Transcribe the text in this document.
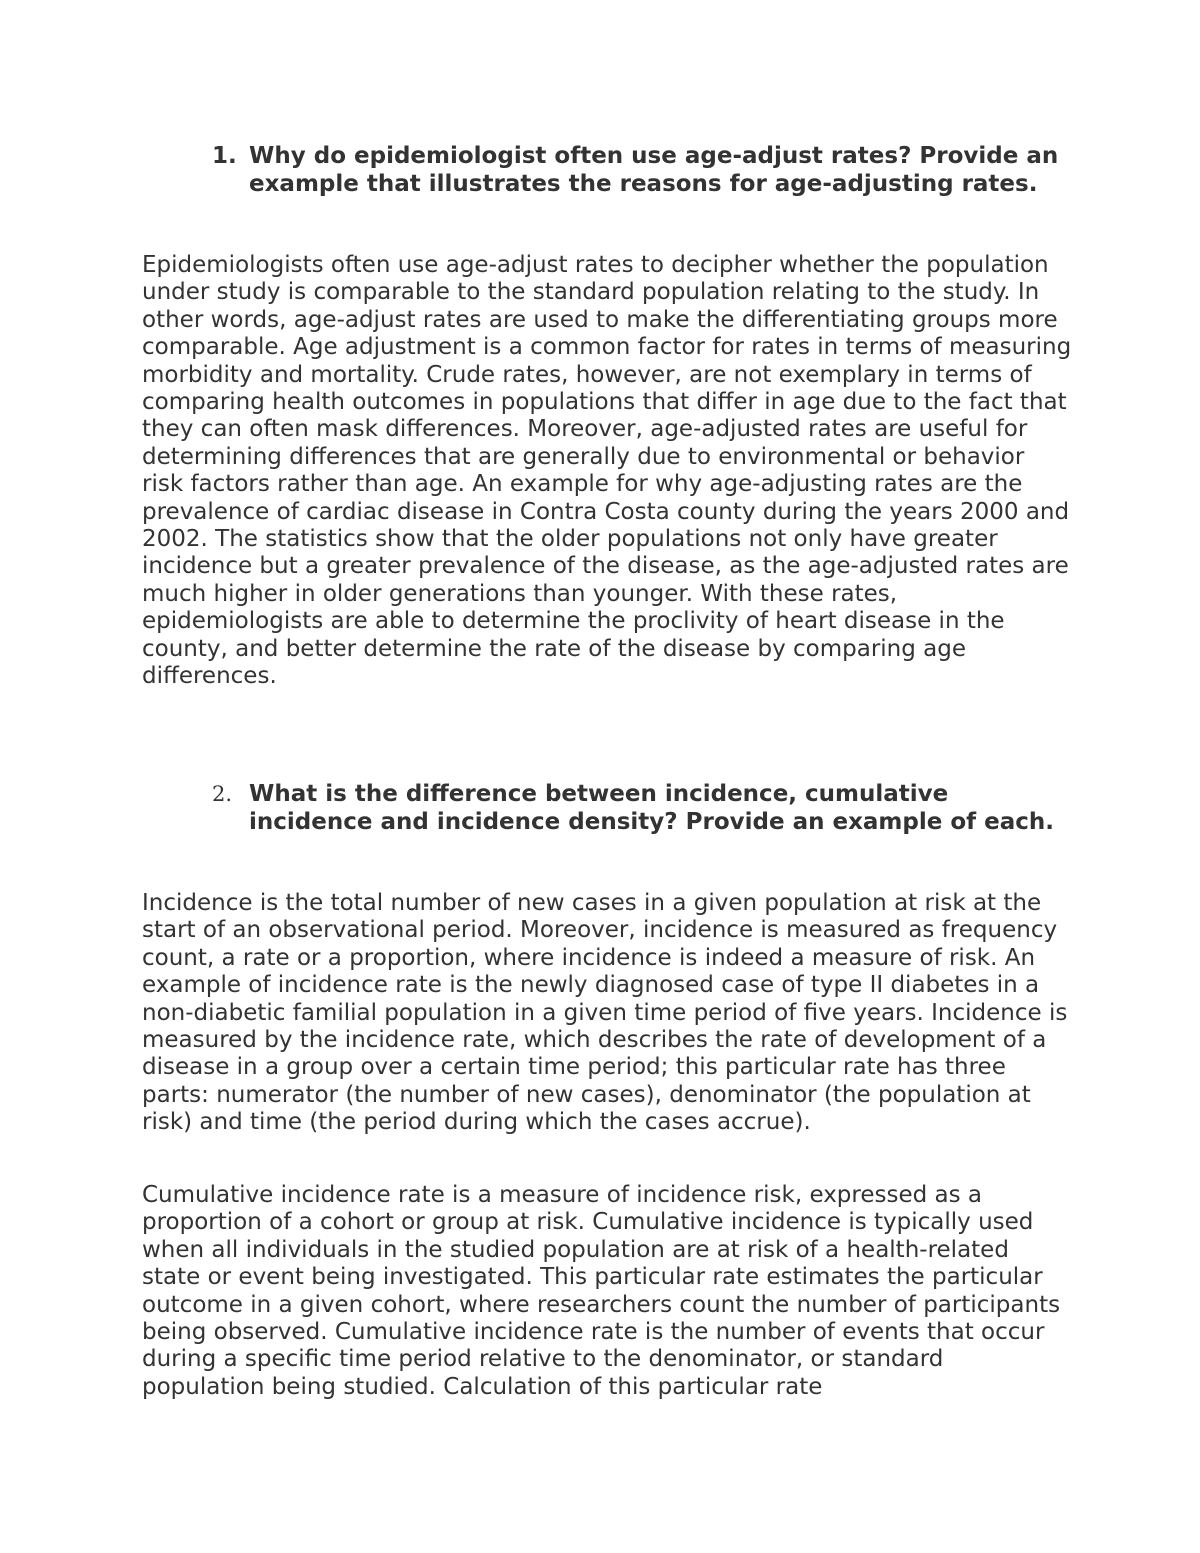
1. Why do epidemiologist often use age-adjust rates? Provide an example that illustrates the reasons for age-adjusting rates.

Epidemiologists often use age-adjust rates to decipher whether the population under study is comparable to the standard population relating to the study. In other words, age-adjust rates are used to make the differentiating groups more comparable. Age adjustment is a common factor for rates in terms of measuring morbidity and mortality. Crude rates, however, are not exemplary in terms of comparing health outcomes in populations that differ in age due to the fact that they can often mask differences. Moreover, age-adjusted rates are useful for determining differences that are generally due to environmental or behavior risk factors rather than age. An example for why age-adjusting rates are the prevalence of cardiac disease in Contra Costa county during the years 2000 and 2002. The statistics show that the older populations not only have greater incidence but a greater prevalence of the disease, as the age-adjusted rates are much higher in older generations than younger. With these rates, epidemiologists are able to determine the proclivity of heart disease in the county, and better determine the rate of the disease by comparing age differences.

2. What is the difference between incidence, cumulative incidence and incidence density? Provide an example of each.

Incidence is the total number of new cases in a given population at risk at the start of an observational period. Moreover, incidence is measured as frequency count, a rate or a proportion, where incidence is indeed a measure of risk. An example of incidence rate is the newly diagnosed case of type II diabetes in a non-diabetic familial population in a given time period of five years. Incidence is measured by the incidence rate, which describes the rate of development of a disease in a group over a certain time period; this particular rate has three parts: numerator (the number of new cases), denominator (the population at risk) and time (the period during which the cases accrue).

Cumulative incidence rate is a measure of incidence risk, expressed as a proportion of a cohort or group at risk. Cumulative incidence is typically used when all individuals in the studied population are at risk of a health-related state or event being investigated. This particular rate estimates the particular outcome in a given cohort, where researchers count the number of participants being observed. Cumulative incidence rate is the number of events that occur during a specific time period relative to the denominator, or standard population being studied. Calculation of this particular rate
